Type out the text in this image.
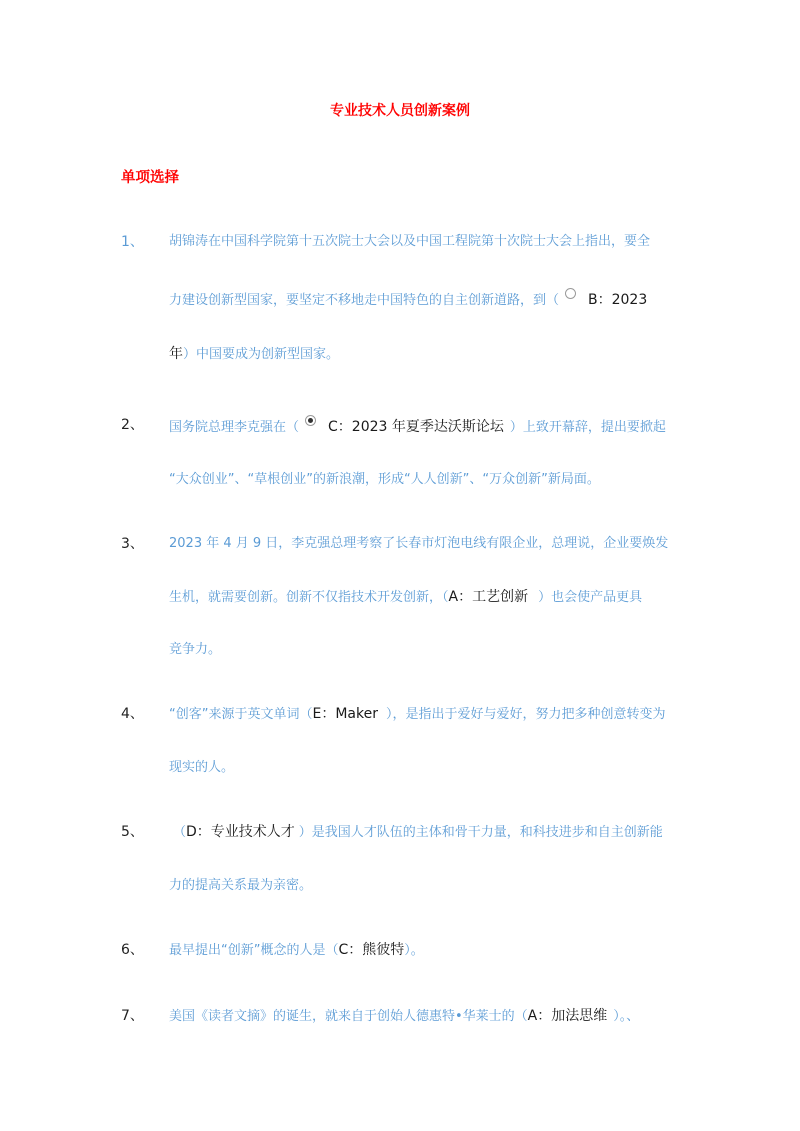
专业技术人员创新案例
单项选择
1、	胡锦涛在中国科学院第十五次院士大会以及中国工程院第十次院士大会上指出，要全
力建设创新型国家，要坚定不移地走中国特色的自主创新道路，到（ B：2023
年）中国要成为创新型国家。
2、	国务院总理李克强在（ C：2023 年夏季达沃斯论坛 ）上致开幕辞，提出要掀起
“大众创业”、“草根创业”的新浪潮，形成“人人创新”、“万众创新”新局面。
3、	2023 年 4 月 9 日，李克强总理考察了长春市灯泡电线有限企业，总理说，企业要焕发
生机，就需要创新。创新不仅指技术开发创新，（A：工艺创新 ）也会使产品更具
竞争力。
4、	“创客”来源于英文单词（E：Maker ），是指出于爱好与爱好，努力把多种创意转变为
现实的人。
5、	（D：专业技术人才 ）是我国人才队伍的主体和骨干力量，和科技进步和自主创新能
力的提高关系最为亲密。
6、	最早提出“创新”概念的人是（C：熊彼特）。
7、	美国《读者文摘》的诞生，就来自于创始人德惠特•华莱士的（A：加法思维 ）。、
